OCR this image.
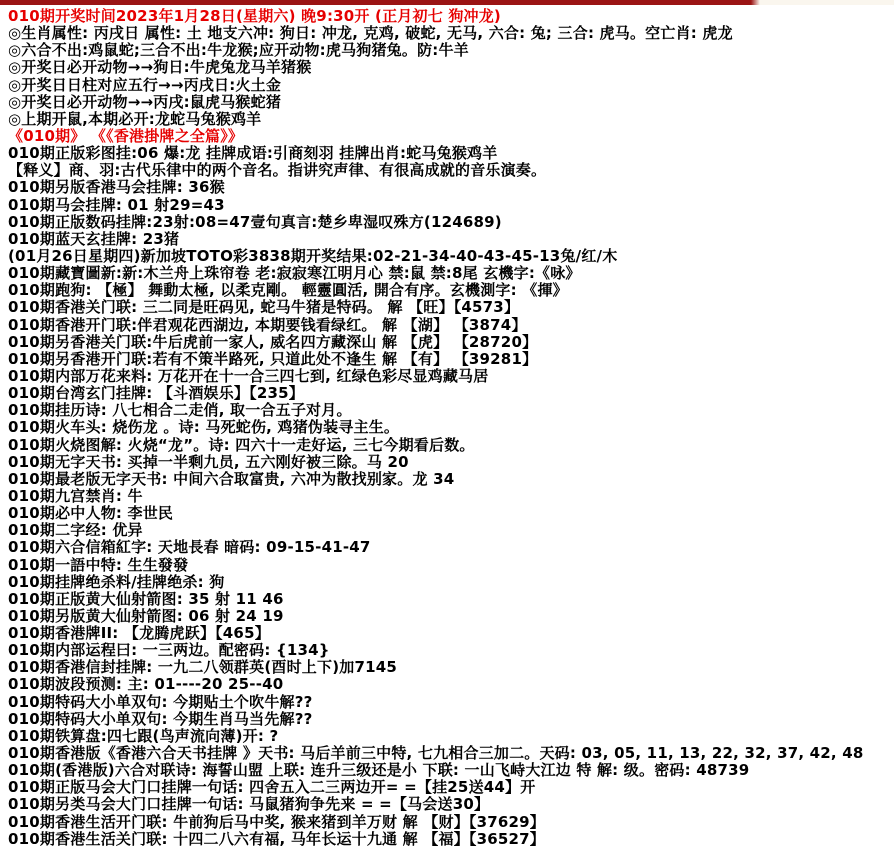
010期开奖时间2023年1月28日(星期六) 晚9:30开 (正月初七 狗冲龙)
◎生肖属性: 丙戌日 属性: 土 地支六冲: 狗日: 冲龙, 克鸡, 破蛇, 无马, 六合: 兔; 三合: 虎马。空亡肖: 虎龙
◎六合不出:鸡鼠蛇;三合不出:牛龙猴;应开动物:虎马狗猪兔。防:牛羊
◎开奖日必开动物→→狗日:牛虎兔龙马羊猪猴
◎开奖日日柱对应五行→→丙戌日:火土金
◎开奖日必开动物→→丙戌:鼠虎马猴蛇猪
◎上期开鼠,本期必开:龙蛇马兔猴鸡羊
《010期》 《《香港掛牌之全篇》》
010期正版彩图挂:06 爆:龙 挂牌成语:引商刻羽 挂牌出肖:蛇马兔猴鸡羊
【释义】商、羽:古代乐律中的两个音名。指讲究声律、有很高成就的音乐演奏。
010期另版香港马会挂牌: 36猴
010期马会挂牌: 01 射29=43
010期正版数码挂牌:23射:08=47壹句真言:楚乡卑湿叹殊方(124689)
010期蓝天玄挂牌: 23猪
(01月26日星期四)新加坡TOTO彩3838期开奖结果:02-21-34-40-43-45-13兔/红/木
010期藏寶圖新:新:木兰舟上珠帘卷 老:寂寂寒江明月心 禁:鼠 禁:8尾 玄機字:《咏》
010期跑狗: 【極】 舞動太極, 以柔克剛。 輕靈圓活, 開合有序。玄機測字: 《揮》
010期香港关门联: 三二同是旺码见, 蛇马牛猪是特码。 解 【旺】【4573】
010期香港开门联:伴君观花西湖边, 本期要钱看绿红。 解 【湖】 【3874】
010期另香港关门联:牛后虎前一家人, 威名四方藏深山 解 【虎】 【28720】
010期另香港开门联:若有不策半路死, 只道此处不逢生 解 【有】 【39281】
010期内部万花来料: 万花开在十一合三四七到, 红绿色彩尽显鸡藏马居
010期台湾玄门挂牌: 【斗酒娱乐】【235】
010期挂历诗: 八七相合二走俏, 取一合五子对月。
010期火车头: 烧伤龙 。诗: 马死蛇伤, 鸡猪伪装寻主生。
010期火烧图解: 火烧“龙”。诗: 四六十一走好运, 三七今期看后数。
010期无字天书: 买掉一半剩九员, 五六刚好被三除。马 20
010期最老版无字天书: 中间六合取富贵, 六冲为散找别家。龙 34
010期九宫禁肖: 牛
010期必中人物: 李世民
010期二字经: 优异
010期六合信箱紅字: 天地長春 暗码: 09-15-41-47
010期一語中特: 生生發發
010期挂牌绝杀料/挂牌绝杀: 狗
010期正版黄大仙射箭图: 35 射 11 46
010期另版黄大仙射箭图: 06 射 24 19
010期香港牌II: 【龙腾虎跃】【465】
010期内部运程曰: 一三两边。配密码: {134}
010期香港信封挂牌: 一九二八领群英(酉时上下)加7145
010期波段预测: 主: 01----20 25--40
010期特码大小单双句: 今期贴土个吹牛解??
010期特码大小单双句: 今期生肖马当先解??
010期铁算盘:四七跟(鸟声流向薄)开: ?
010期香港版《香港六合天书挂牌 》天书: 马后羊前三中特, 七九相合三加二。天码: 03, 05, 11, 13, 22, 32, 37, 42, 48
010期(香港版)六合对联诗: 海誓山盟 上联: 连升三级还是小 下联: 一山飞峙大江边 特 解: 级。密码: 48739
010期正版马会大门口挂牌一句话: 四舍五入二三两边开= =【挂25送44】开
010期另类马会大门口挂牌一句话: 马鼠猪狗争先来 = =【马会送30】
010期香港生活开门联: 牛前狗后马中奖, 猴来猪到羊万财 解 【财】【37629】
010期香港生活关门联: 十四二八六有福, 马年长运十九通 解 【福】【36527】
